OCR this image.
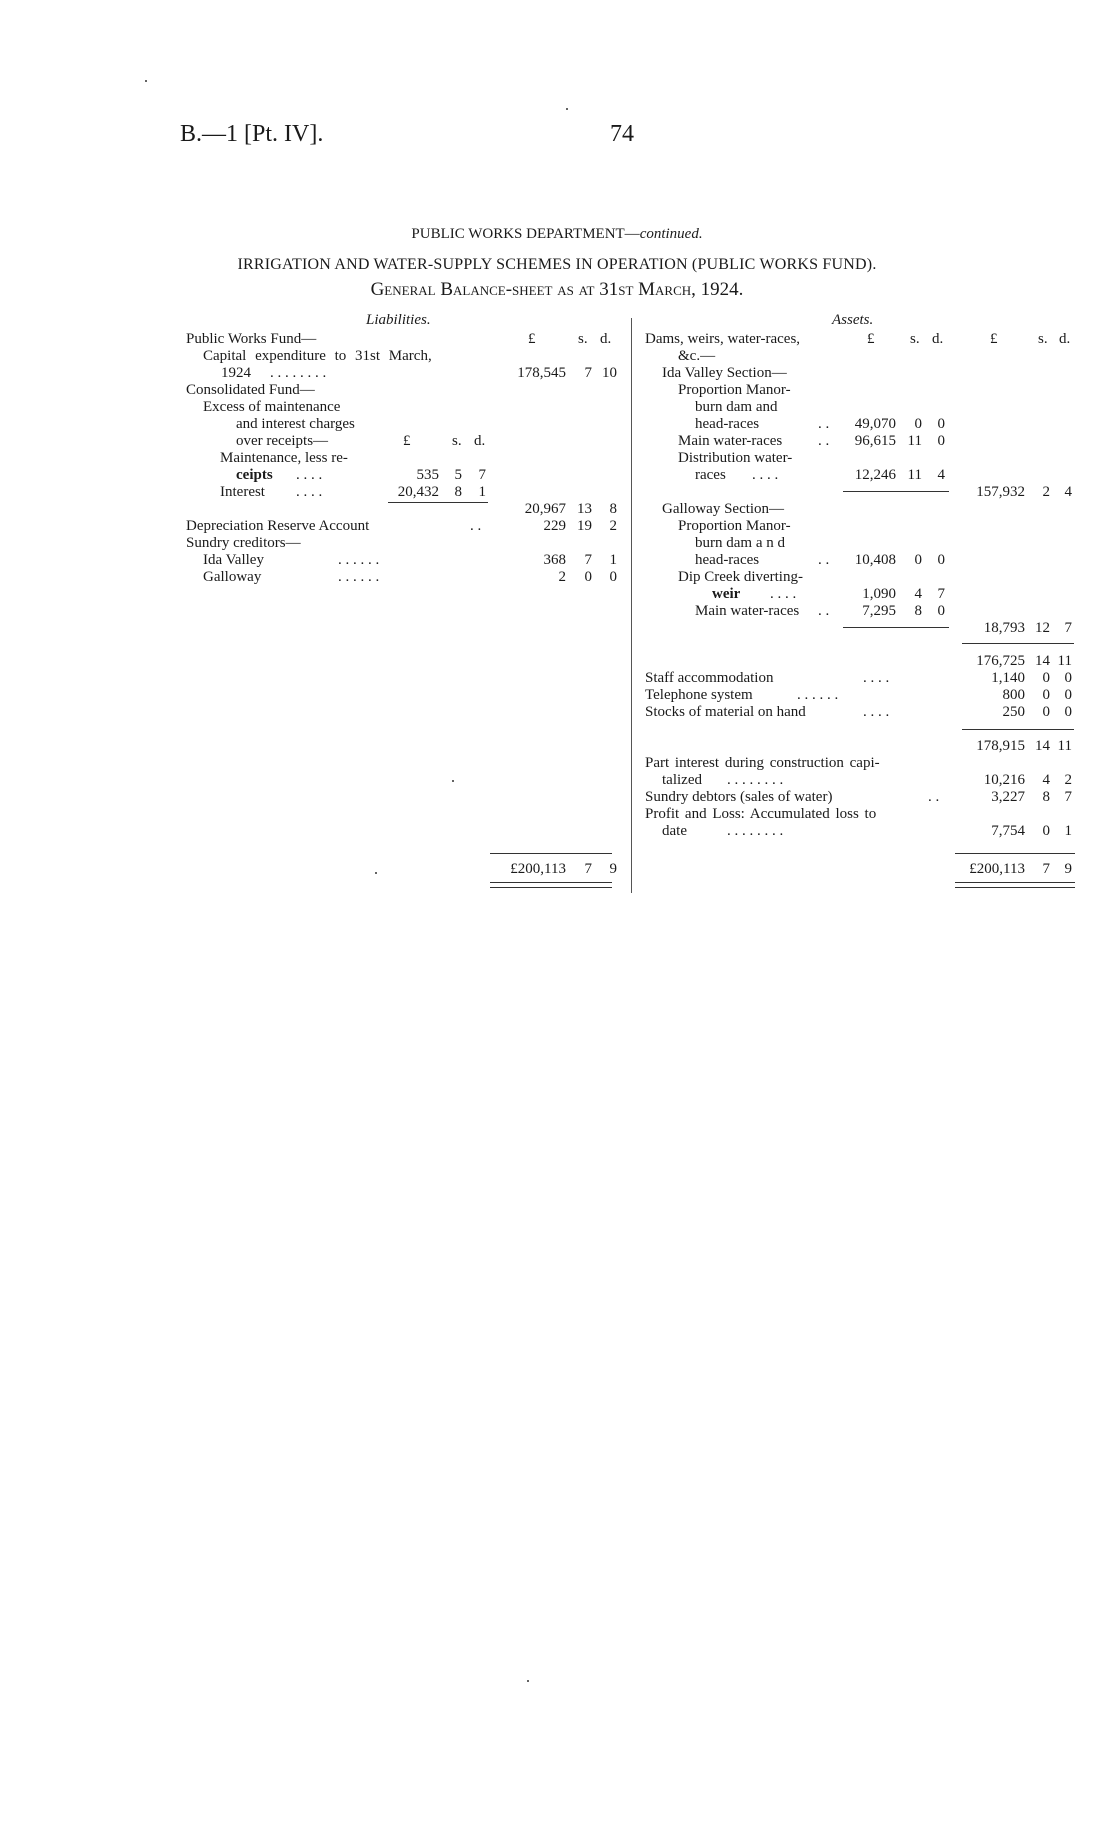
B.—1 [Pt. IV].	74
PUBLIC WORKS DEPARTMENT—continued.
IRRIGATION AND WATER-SUPPLY SCHEMES IN OPERATION (PUBLIC WORKS FUND).
General Balance-sheet as at 31st March, 1924.
Liabilities.
£	s. d.
Public Works Fund—
Capital expenditure to 31st March,
1924 . . . . . . . .	178,545	7 10
Consolidated Fund—
Excess of maintenance
and interest charges
over receipts—	£	s. d.
Maintenance, less re-
ceipts . . . .	535	5	7
Interest . . . .	20,432	8	1
20,967 13	8
Depreciation Reserve Account	. .	229 19	2
Sundry creditors—
Ida Valley	. . . . . .	368	7	1
Galloway	. . . . . .	2	0	0
£200,113	7	9
Assets.
£ s. d.	£	s. d.
Dams, weirs, water-races,
&c.—
Ida Valley Section—
Proportion Manor-
burn dam and
head-races	. .	49,070	0	0
Main water-races . .	96,615 11	0
Distribution water-
races . . . .	12,246 11	4
157,932	2 4
Galloway Section—
Proportion Manor-
burn dam a n d
head-races	. .	10,408	0	0
Dip Creek diverting-
weir . . . .	1,090	4	7
Main water-races . .	7,295	8	0
18,793 12 7
176,725 14 11
Staff accommodation	. . . .	1,140	0 0
Telephone system	. . . . . .	800	0 0
Stocks of material on hand	. . . .	250	0 0
178,915 14 11
Part interest during construction capi-
talized . . . . . . . .	10,216	4 2
Sundry debtors (sales of water)	. .	3,227	8 7
Profit and Loss: Accumulated loss to
date	. . . . . . . .	7,754	0 1
£200,113	7 9
